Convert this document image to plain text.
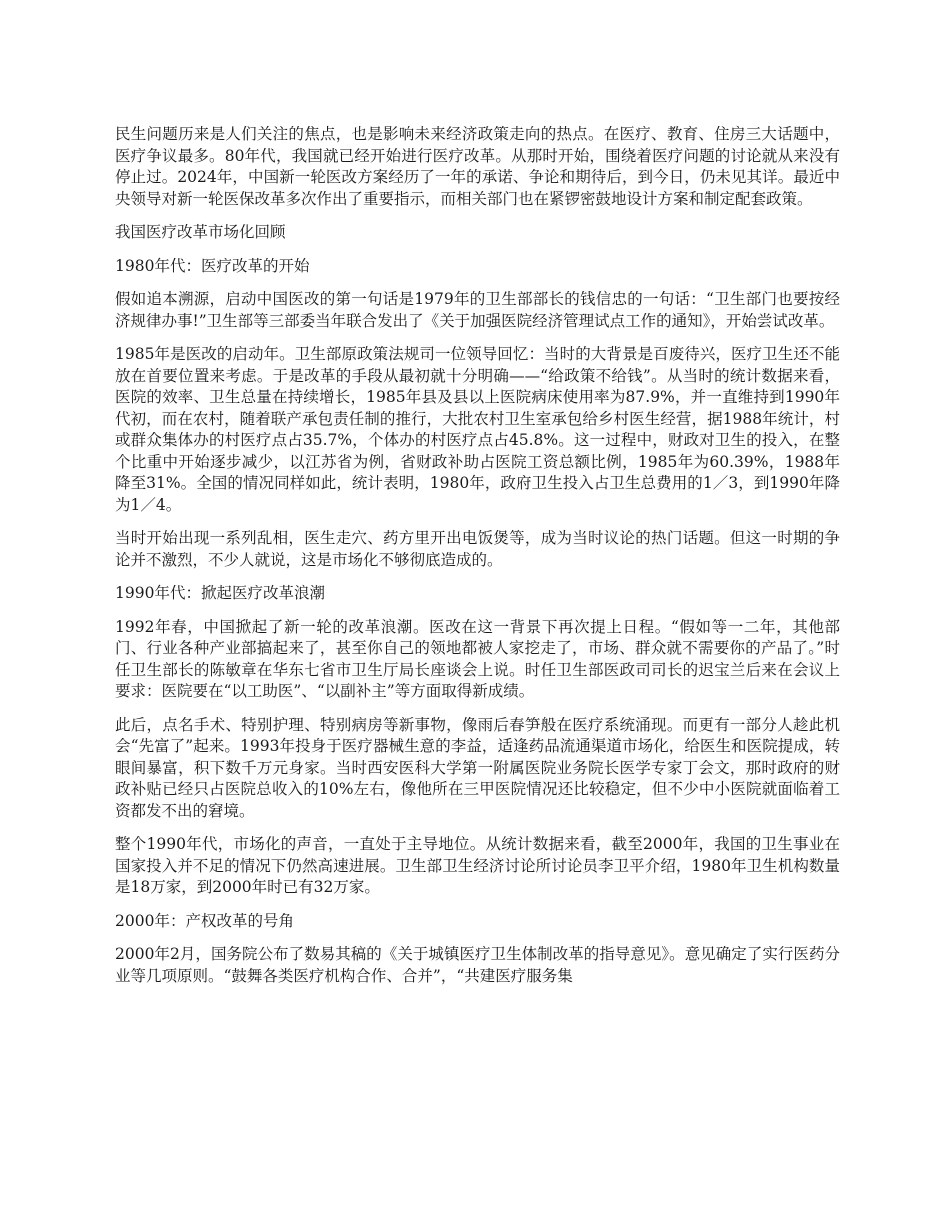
民生问题历来是人们关注的焦点，也是影响未来经济政策走向的热点。在医疗、教育、住房三大话题中，医疗争议最多。80年代，我国就已经开始进行医疗改革。从那时开始，围绕着医疗问题的讨论就从来没有停止过。2024年，中国新一轮医改方案经历了一年的承诺、争论和期待后，到今日，仍未见其详。最近中央领导对新一轮医保改革多次作出了重要指示，而相关部门也在紧锣密鼓地设计方案和制定配套政策。

我国医疗改革市场化回顾

1980年代：医疗改革的开始

假如追本溯源，启动中国医改的第一句话是1979年的卫生部部长的钱信忠的一句话：“卫生部门也要按经济规律办事!”卫生部等三部委当年联合发出了《关于加强医院经济管理试点工作的通知》，开始尝试改革。

1985年是医改的启动年。卫生部原政策法规司一位领导回忆：当时的大背景是百废待兴，医疗卫生还不能放在首要位置来考虑。于是改革的手段从最初就十分明确——“给政策不给钱”。从当时的统计数据来看，医院的效率、卫生总量在持续增长，1985年县及县以上医院病床使用率为87.9%，并一直维持到1990年代初，而在农村，随着联产承包责任制的推行，大批农村卫生室承包给乡村医生经营，据1988年统计，村或群众集体办的村医疗点占35.7%，个体办的村医疗点占45.8%。这一过程中，财政对卫生的投入，在整个比重中开始逐步减少，以江苏省为例，省财政补助占医院工资总额比例，1985年为60.39%，1988年降至31%。全国的情况同样如此，统计表明，1980年，政府卫生投入占卫生总费用的1／3，到1990年降为1／4。

当时开始出现一系列乱相，医生走穴、药方里开出电饭煲等，成为当时议论的热门话题。但这一时期的争论并不激烈，不少人就说，这是市场化不够彻底造成的。

1990年代：掀起医疗改革浪潮

1992年春，中国掀起了新一轮的改革浪潮。医改在这一背景下再次提上日程。“假如等一二年，其他部门、行业各种产业部搞起来了，甚至你自己的领地都被人家挖走了，市场、群众就不需要你的产品了。”时任卫生部长的陈敏章在华东七省市卫生厅局长座谈会上说。时任卫生部医政司司长的迟宝兰后来在会议上要求：医院要在“以工助医”、“以副补主”等方面取得新成绩。

此后，点名手术、特别护理、特别病房等新事物，像雨后春笋般在医疗系统涌现。而更有一部分人趁此机会“先富了”起来。1993年投身于医疗器械生意的李益，适逢药品流通渠道市场化，给医生和医院提成，转眼间暴富，积下数千万元身家。当时西安医科大学第一附属医院业务院长医学专家丁会文，那时政府的财政补贴已经只占医院总收入的10%左右，像他所在三甲医院情况还比较稳定，但不少中小医院就面临着工资都发不出的窘境。

整个1990年代，市场化的声音，一直处于主导地位。从统计数据来看，截至2000年，我国的卫生事业在国家投入并不足的情况下仍然高速进展。卫生部卫生经济讨论所讨论员李卫平介绍，1980年卫生机构数量是18万家，到2000年时已有32万家。

2000年：产权改革的号角

2000年2月，国务院公布了数易其稿的《关于城镇医疗卫生体制改革的指导意见》。意见确定了实行医药分业等几项原则。“鼓舞各类医疗机构合作、合并”，“共建医疗服务集
